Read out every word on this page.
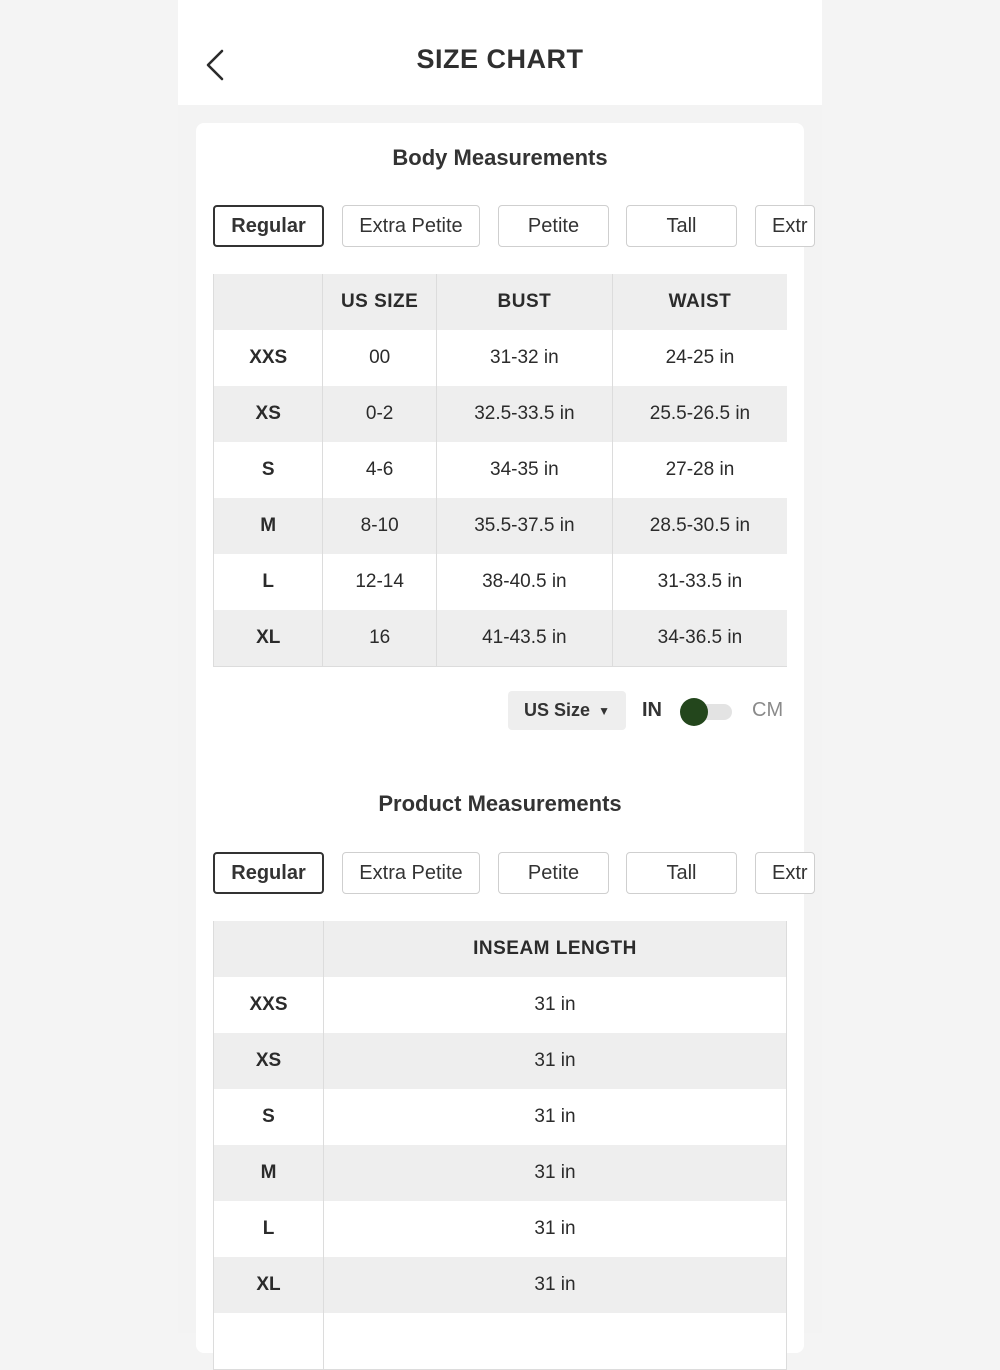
SIZE CHART
Body Measurements
Regular	Extra Petite	Petite	Tall	Extr
	US SIZE	BUST	WAIST
XXS	00	31-32 in	24-25 in
XS	0-2	32.5-33.5 in	25.5-26.5 in
S	4-6	34-35 in	27-28 in
M	8-10	35.5-37.5 in	28.5-30.5 in
L	12-14	38-40.5 in	31-33.5 in
XL	16	41-43.5 in	34-36.5 in
US Size ▼ IN	CM
Product Measurements
Regular	Extra Petite	Petite	Tall	Extr
	INSEAM LENGTH
XXS	31 in
XS	31 in
S	31 in
M	31 in
L	31 in
XL	31 in
